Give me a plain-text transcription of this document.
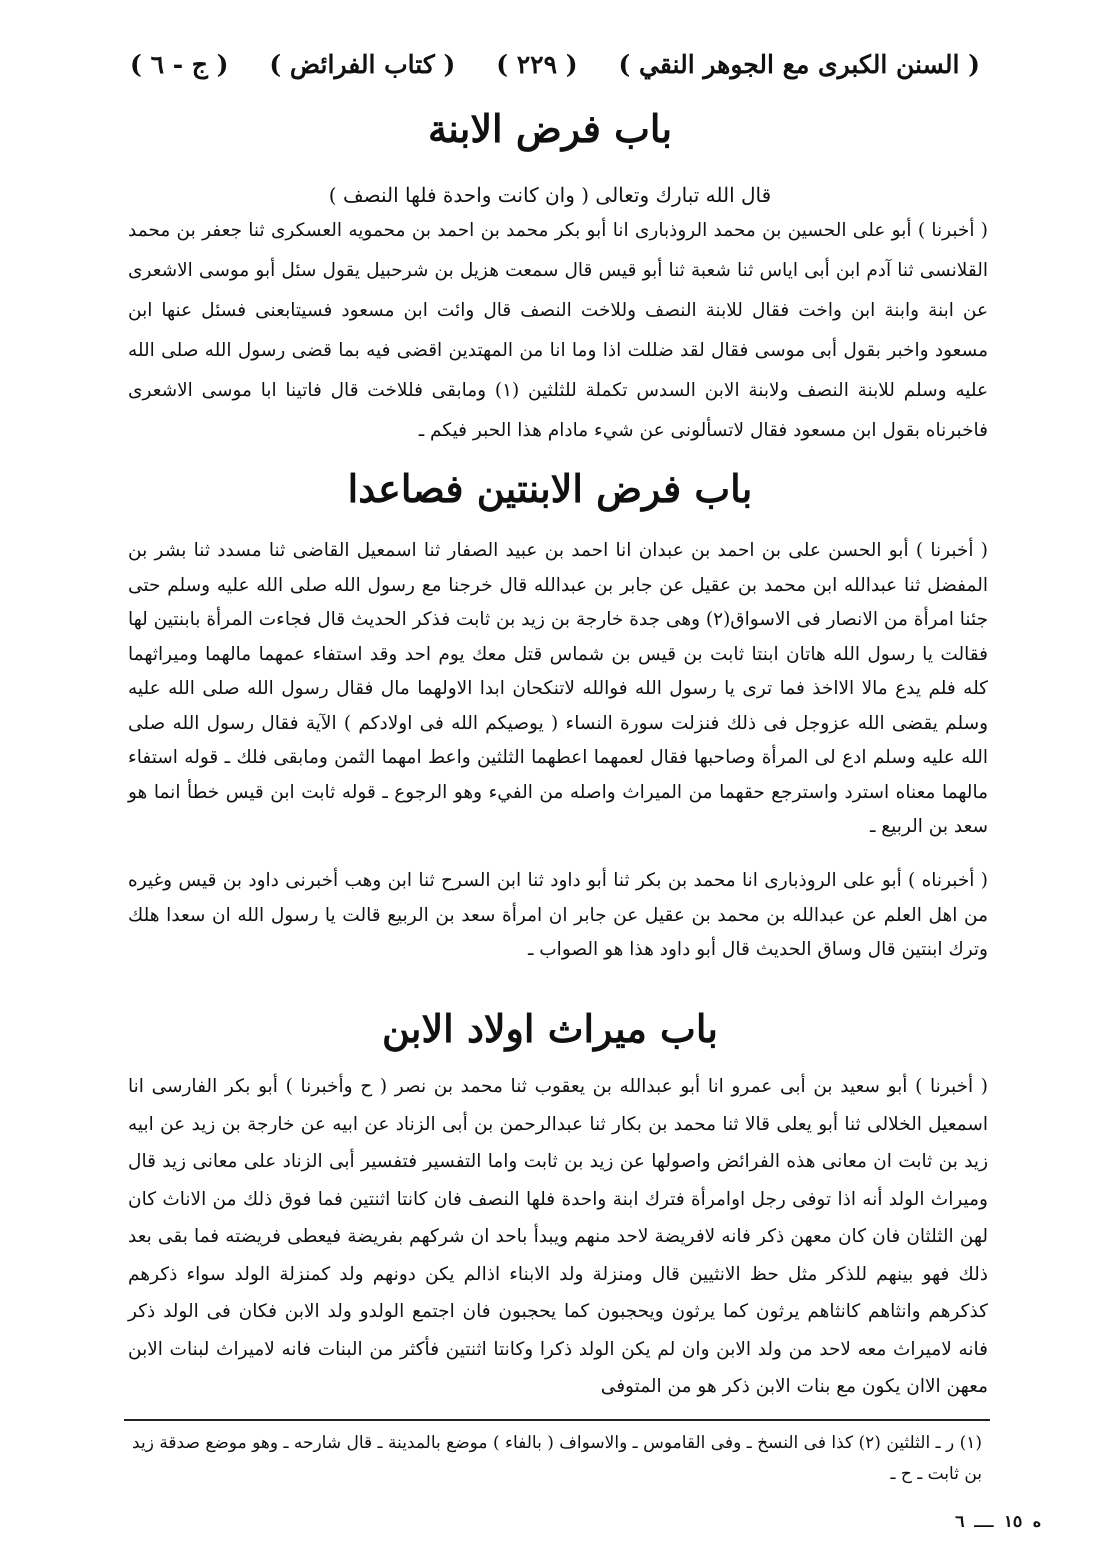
( السنن الكبرى مع الجوهر النقي )
( ٢٢٩ )
( كتاب الفرائض )
( ج - ٦ )
باب فرض الابنة
قال الله تبارك وتعالى ( وان كانت واحدة فلها النصف )

( أخبرنا ) أبو على الحسين بن محمد الروذبارى انا أبو بكر محمد بن احمد بن محمويه العسكرى ثنا جعفر بن محمد القلانسى ثنا آدم ابن أبى اياس ثنا شعبة ثنا أبو قيس قال سمعت هزيل بن شرحبيل يقول سئل أبو موسى الاشعرى عن ابنة وابنة ابن واخت فقال للابنة النصف وللاخت النصف قال وائت ابن مسعود فسيتابعنى فسئل عنها ابن مسعود واخبر بقول أبى موسى فقال لقد ضللت اذا وما انا من المهتدين اقضى فيه بما قضى رسول الله صلى الله عليه وسلم للابنة النصف ولابنة الابن السدس تكملة للثلثين (١) ومابقى فللاخت قال فاتينا ابا موسى الاشعرى فاخبرناه بقول ابن مسعود فقال لاتسألونى عن شيء مادام هذا الحبر فيكم ـ

باب فرض الابنتين فصاعدا

( أخبرنا ) أبو الحسن على بن احمد بن عبدان انا احمد بن عبيد الصفار ثنا اسمعيل القاضى ثنا مسدد ثنا بشر بن المفضل ثنا عبدالله ابن محمد بن عقيل عن جابر بن عبدالله قال خرجنا مع رسول الله صلى الله عليه وسلم حتى جئنا امرأة من الانصار فى الاسواق(٢) وهى جدة خارجة بن زيد بن ثابت فذكر الحديث قال فجاءت المرأة بابنتين لها فقالت يا رسول الله هاتان ابنتا ثابت بن قيس بن شماس قتل معك يوم احد وقد استفاء عمهما مالهما وميراثهما كله فلم يدع مالا الااخذ فما ترى يا رسول الله فوالله لاتنكحان ابدا الاولهما مال فقال رسول الله صلى الله عليه وسلم يقضى الله عزوجل فى ذلك فنزلت سورة النساء ( يوصيكم الله فى اولادكم ) الآية فقال رسول الله صلى الله عليه وسلم ادع لى المرأة وصاحبها فقال لعمهما اعطهما الثلثين واعط امهما الثمن ومابقى فلك ـ قوله استفاء مالهما معناه استرد واسترجع حقهما من الميراث واصله من الفيء وهو الرجوع ـ قوله ثابت ابن قيس خطأ انما هو سعد بن الربيع ـ

( أخبرناه ) أبو على الروذبارى انا محمد بن بكر ثنا أبو داود ثنا ابن السرح ثنا ابن وهب أخبرنى داود بن قيس وغيره من اهل العلم عن عبدالله بن محمد بن عقيل عن جابر ان امرأة سعد بن الربيع قالت يا رسول الله ان سعدا هلك وترك ابنتين قال وساق الحديث قال أبو داود هذا هو الصواب ـ

باب ميراث اولاد الابن

( أخبرنا ) أبو سعيد بن أبى عمرو انا أبو عبدالله بن يعقوب ثنا محمد بن نصر ( ح وأخبرنا ) أبو بكر الفارسى انا اسمعيل الخلالى ثنا أبو يعلى قالا ثنا محمد بن بكار ثنا عبدالرحمن بن أبى الزناد عن ابيه عن خارجة بن زيد عن ابيه زيد بن ثابت ان معانى هذه الفرائض واصولها عن زيد بن ثابت واما التفسير فتفسير أبى الزناد على معانى زيد قال وميراث الولد أنه اذا توفى رجل اوامرأة فترك ابنة واحدة فلها النصف فان كانتا اثنتين فما فوق ذلك من الاناث كان لهن الثلثان فان كان معهن ذكر فانه لافريضة لاحد منهم ويبدأ باحد ان شركهم بفريضة فيعطى فريضته فما بقى بعد ذلك فهو بينهم للذكر مثل حظ الانثيين قال ومنزلة ولد الابناء اذالم يكن دونهم ولد كمنزلة الولد سواء ذكرهم كذكرهم وانثاهم كانثاهم يرثون كما يرثون ويحجبون كما يحجبون فان اجتمع الولدو ولد الابن فكان فى الولد ذكر فانه لاميراث معه لاحد من ولد الابن وان لم يكن الولد ذكرا وكانتا اثنتين فأكثر من البنات فانه لاميراث لبنات الابن معهن الاان يكون مع بنات الابن ذكر هو من المتوفى

(١) ر ـ الثلثين (٢) كذا فى النسخ ـ وفى القاموس ـ والاسواف ( بالفاء ) موضع بالمدينة ـ قال شارحه ـ وهو موضع صدقة زيد بن ثابت ـ ح ـ

ه ١٥ ــ ٦
